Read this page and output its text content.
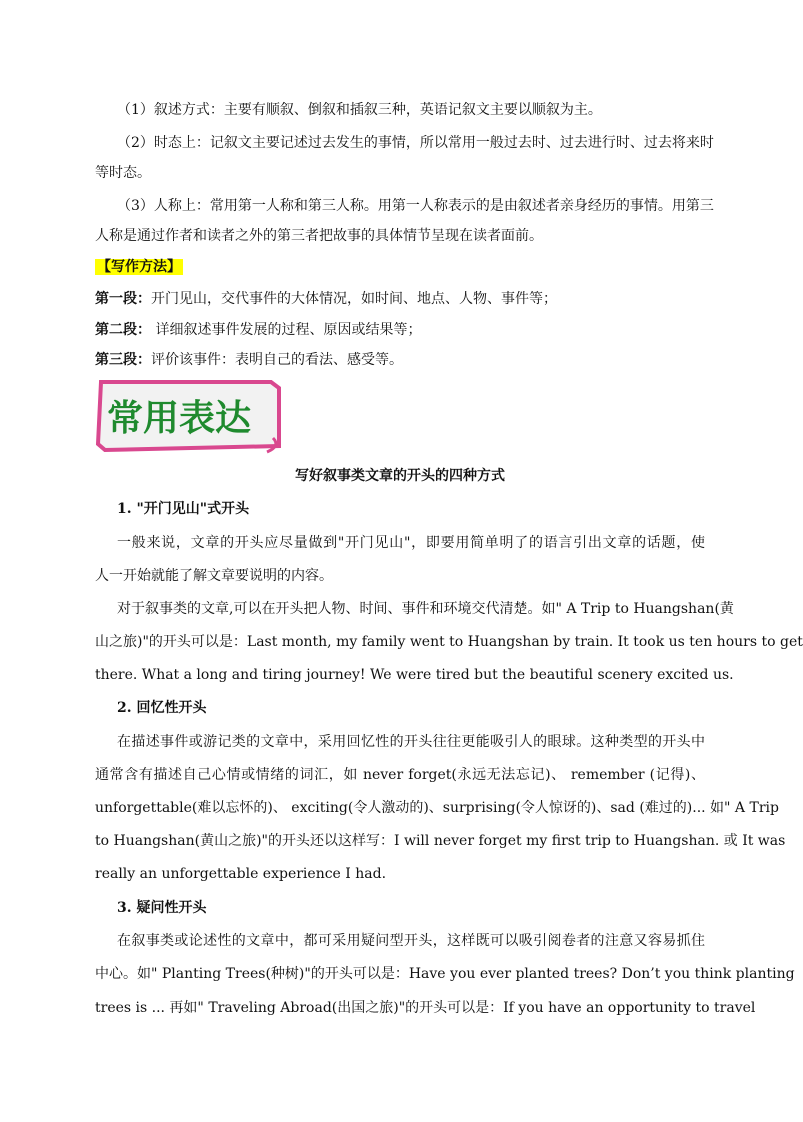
（1）叙述方式：主要有顺叙、倒叙和插叙三种，英语记叙文主要以顺叙为主。
（2）时态上：记叙文主要记述过去发生的事情，所以常用一般过去时、过去进行时、过去将来时
等时态。
（3）人称上：常用第一人称和第三人称。用第一人称表示的是由叙述者亲身经历的事情。用第三
人称是通过作者和读者之外的第三者把故事的具体情节呈现在读者面前。
【写作方法】
第一段：开门见山，交代事件的大体情况，如时间、地点、人物、事件等；
第二段： 详细叙述事件发展的过程、原因或结果等；
第三段：评价该事件：表明自己的看法、感受等。
常用表达
写好叙事类文章的开头的四种方式
1. "开门见山"式开头
一般来说，文章的开头应尽量做到"开门见山"，即要用简单明了的语言引出文章的话题，使
人一开始就能了解文章要说明的内容。
对于叙事类的文章,可以在开头把人物、时间、事件和环境交代清楚。如" A Trip to Huangshan(黄
山之旅)"的开头可以是：Last month, my family went to Huangshan by train. It took us ten hours to get
there. What a long and tiring journey! We were tired but the beautiful scenery excited us.
2. 回忆性开头
在描述事件或游记类的文章中，采用回忆性的开头往往更能吸引人的眼球。这种类型的开头中
通常含有描述自己心情或情绪的词汇，如 never forget(永远无法忘记)、 remember (记得)、
unforgettable(难以忘怀的)、 exciting(令人激动的)、surprising(令人惊讶的)、sad (难过的)... 如" A Trip
to Huangshan(黄山之旅)"的开头还以这样写：I will never forget my first trip to Huangshan. 或 It was
really an unforgettable experience I had.
3. 疑问性开头
在叙事类或论述性的文章中，都可采用疑问型开头，这样既可以吸引阅卷者的注意又容易抓住
中心。如" Planting Trees(种树)"的开头可以是：Have you ever planted trees? Don’t you think planting
trees is ... 再如" Traveling Abroad(出国之旅)"的开头可以是：If you have an opportunity to travel
